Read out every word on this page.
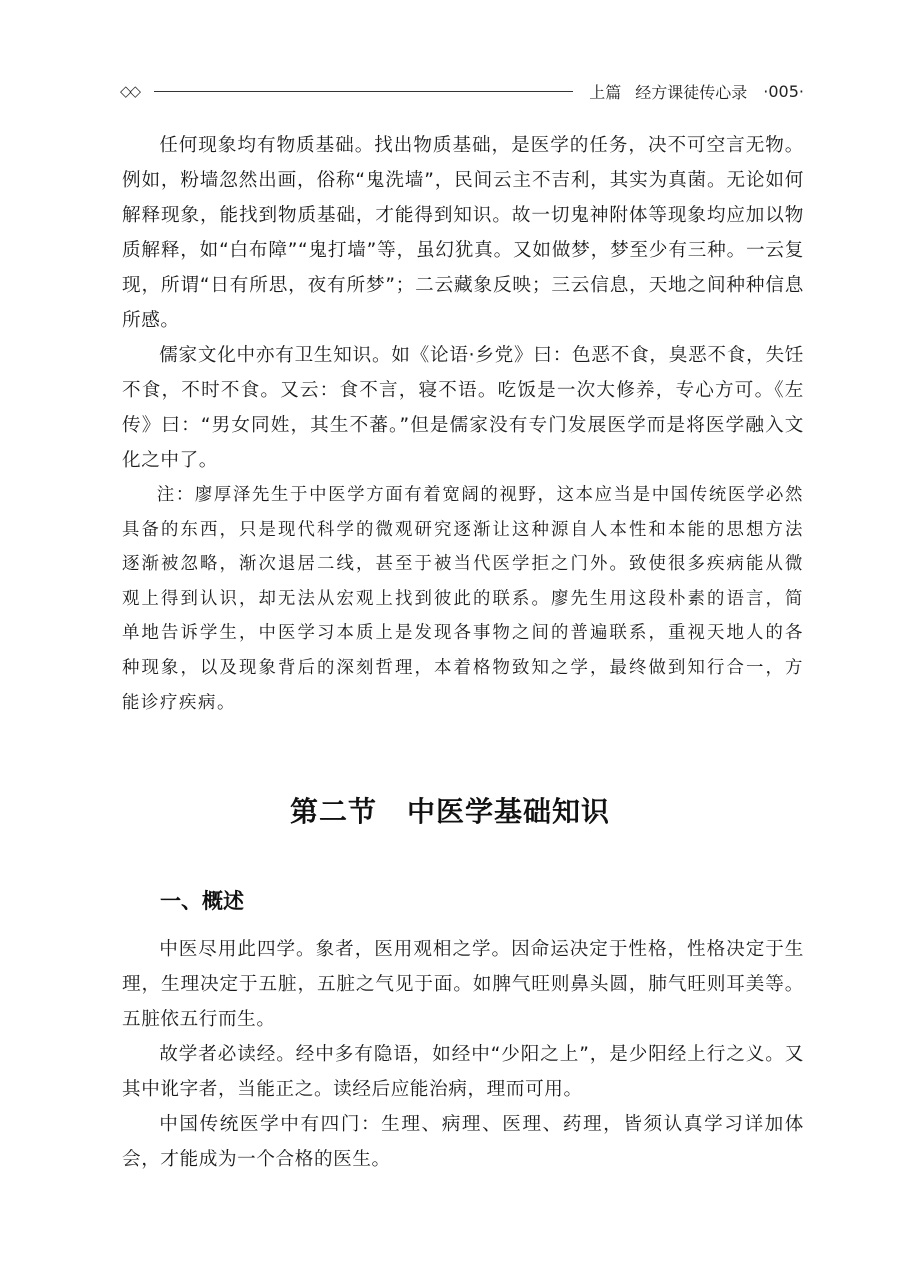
◇◇	上篇 经方课徒传心录 ·005·

任何现象均有物质基础。找出物质基础，是医学的任务，决不可空言无物。例如，粉墙忽然出画，俗称“鬼洗墙”，民间云主不吉利，其实为真菌。无论如何解释现象，能找到物质基础，才能得到知识。故一切鬼神附体等现象均应加以物质解释，如“白布障”“鬼打墙”等，虽幻犹真。又如做梦，梦至少有三种。一云复现，所谓“日有所思，夜有所梦”；二云藏象反映；三云信息，天地之间种种信息所感。

儒家文化中亦有卫生知识。如《论语·乡党》曰：色恶不食，臭恶不食，失饪不食，不时不食。又云：食不言，寝不语。吃饭是一次大修养，专心方可。《左传》曰：“男女同姓，其生不蕃。”但是儒家没有专门发展医学而是将医学融入文化之中了。

注：廖厚泽先生于中医学方面有着宽阔的视野，这本应当是中国传统医学必然具备的东西，只是现代科学的微观研究逐渐让这种源自人本性和本能的思想方法逐渐被忽略，渐次退居二线，甚至于被当代医学拒之门外。致使很多疾病能从微观上得到认识，却无法从宏观上找到彼此的联系。廖先生用这段朴素的语言，简单地告诉学生，中医学习本质上是发现各事物之间的普遍联系，重视天地人的各种现象，以及现象背后的深刻哲理，本着格物致知之学，最终做到知行合一，方能诊疗疾病。

第二节 中医学基础知识
一、概述

中医尽用此四学。象者，医用观相之学。因命运决定于性格，性格决定于生理，生理决定于五脏，五脏之气见于面。如脾气旺则鼻头圆，肺气旺则耳美等。五脏依五行而生。

故学者必读经。经中多有隐语，如经中“少阳之上”，是少阳经上行之义。又其中讹字者，当能正之。读经后应能治病，理而可用。

中国传统医学中有四门：生理、病理、医理、药理，皆须认真学习详加体会，才能成为一个合格的医生。
